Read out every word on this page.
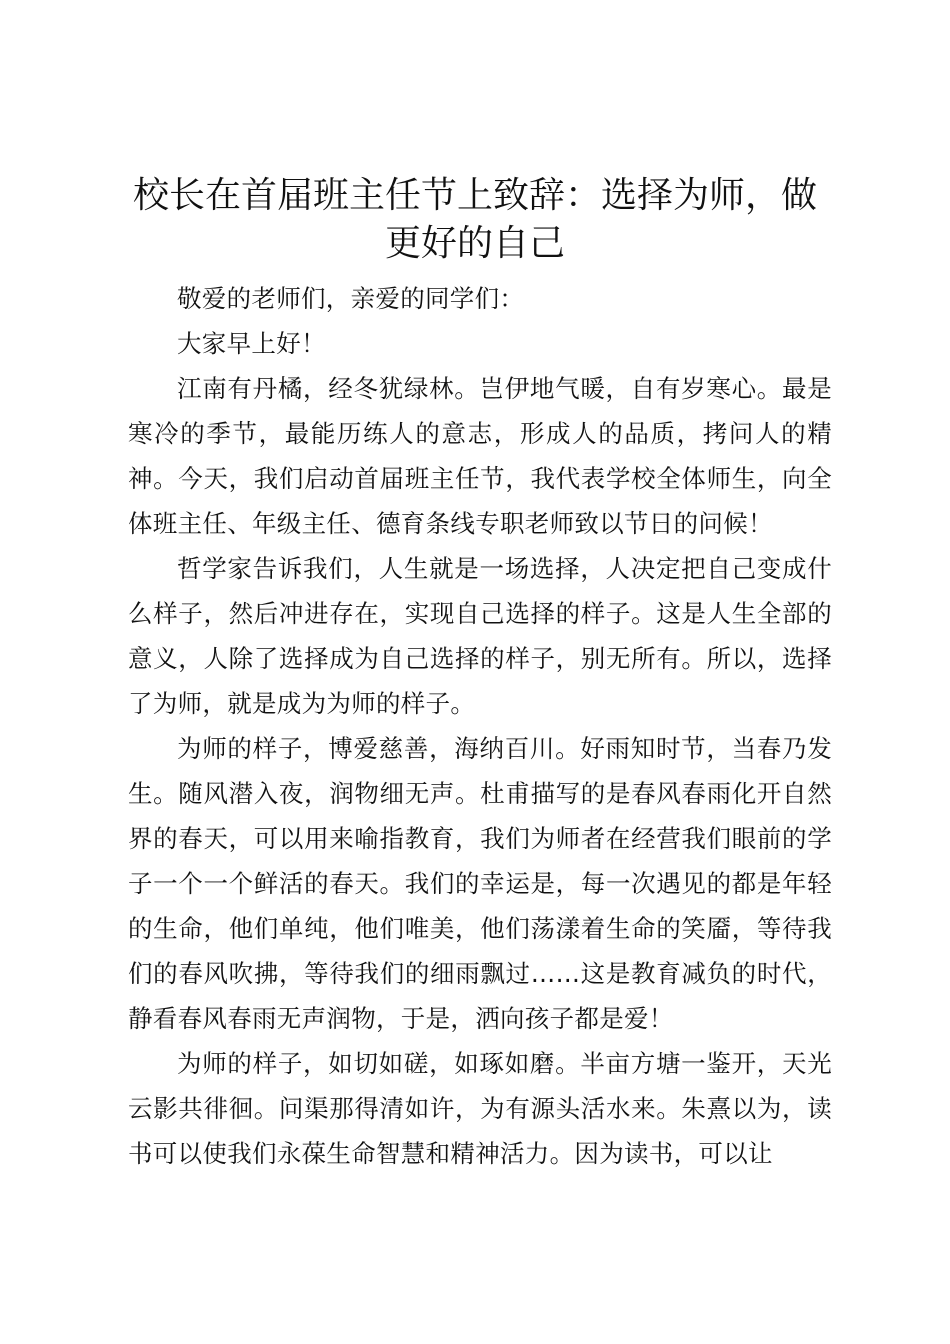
校长在首届班主任节上致辞：选择为师，做更好的自己

敬爱的老师们，亲爱的同学们：

大家早上好！

江南有丹橘，经冬犹绿林。岂伊地气暖，自有岁寒心。最是寒冷的季节，最能历练人的意志，形成人的品质，拷问人的精神。今天，我们启动首届班主任节，我代表学校全体师生，向全体班主任、年级主任、德育条线专职老师致以节日的问候！

哲学家告诉我们，人生就是一场选择，人决定把自己变成什么样子，然后冲进存在，实现自己选择的样子。这是人生全部的意义，人除了选择成为自己选择的样子，别无所有。所以，选择了为师，就是成为为师的样子。

为师的样子，博爱慈善，海纳百川。好雨知时节，当春乃发生。随风潜入夜，润物细无声。杜甫描写的是春风春雨化开自然界的春天，可以用来喻指教育，我们为师者在经营我们眼前的学子一个一个鲜活的春天。我们的幸运是，每一次遇见的都是年轻的生命，他们单纯，他们唯美，他们荡漾着生命的笑靥，等待我们的春风吹拂，等待我们的细雨飘过……这是教育减负的时代，静看春风春雨无声润物，于是，洒向孩子都是爱！

为师的样子，如切如磋，如琢如磨。半亩方塘一鉴开，天光云影共徘徊。问渠那得清如许，为有源头活水来。朱熹以为，读书可以使我们永葆生命智慧和精神活力。因为读书，可以让
